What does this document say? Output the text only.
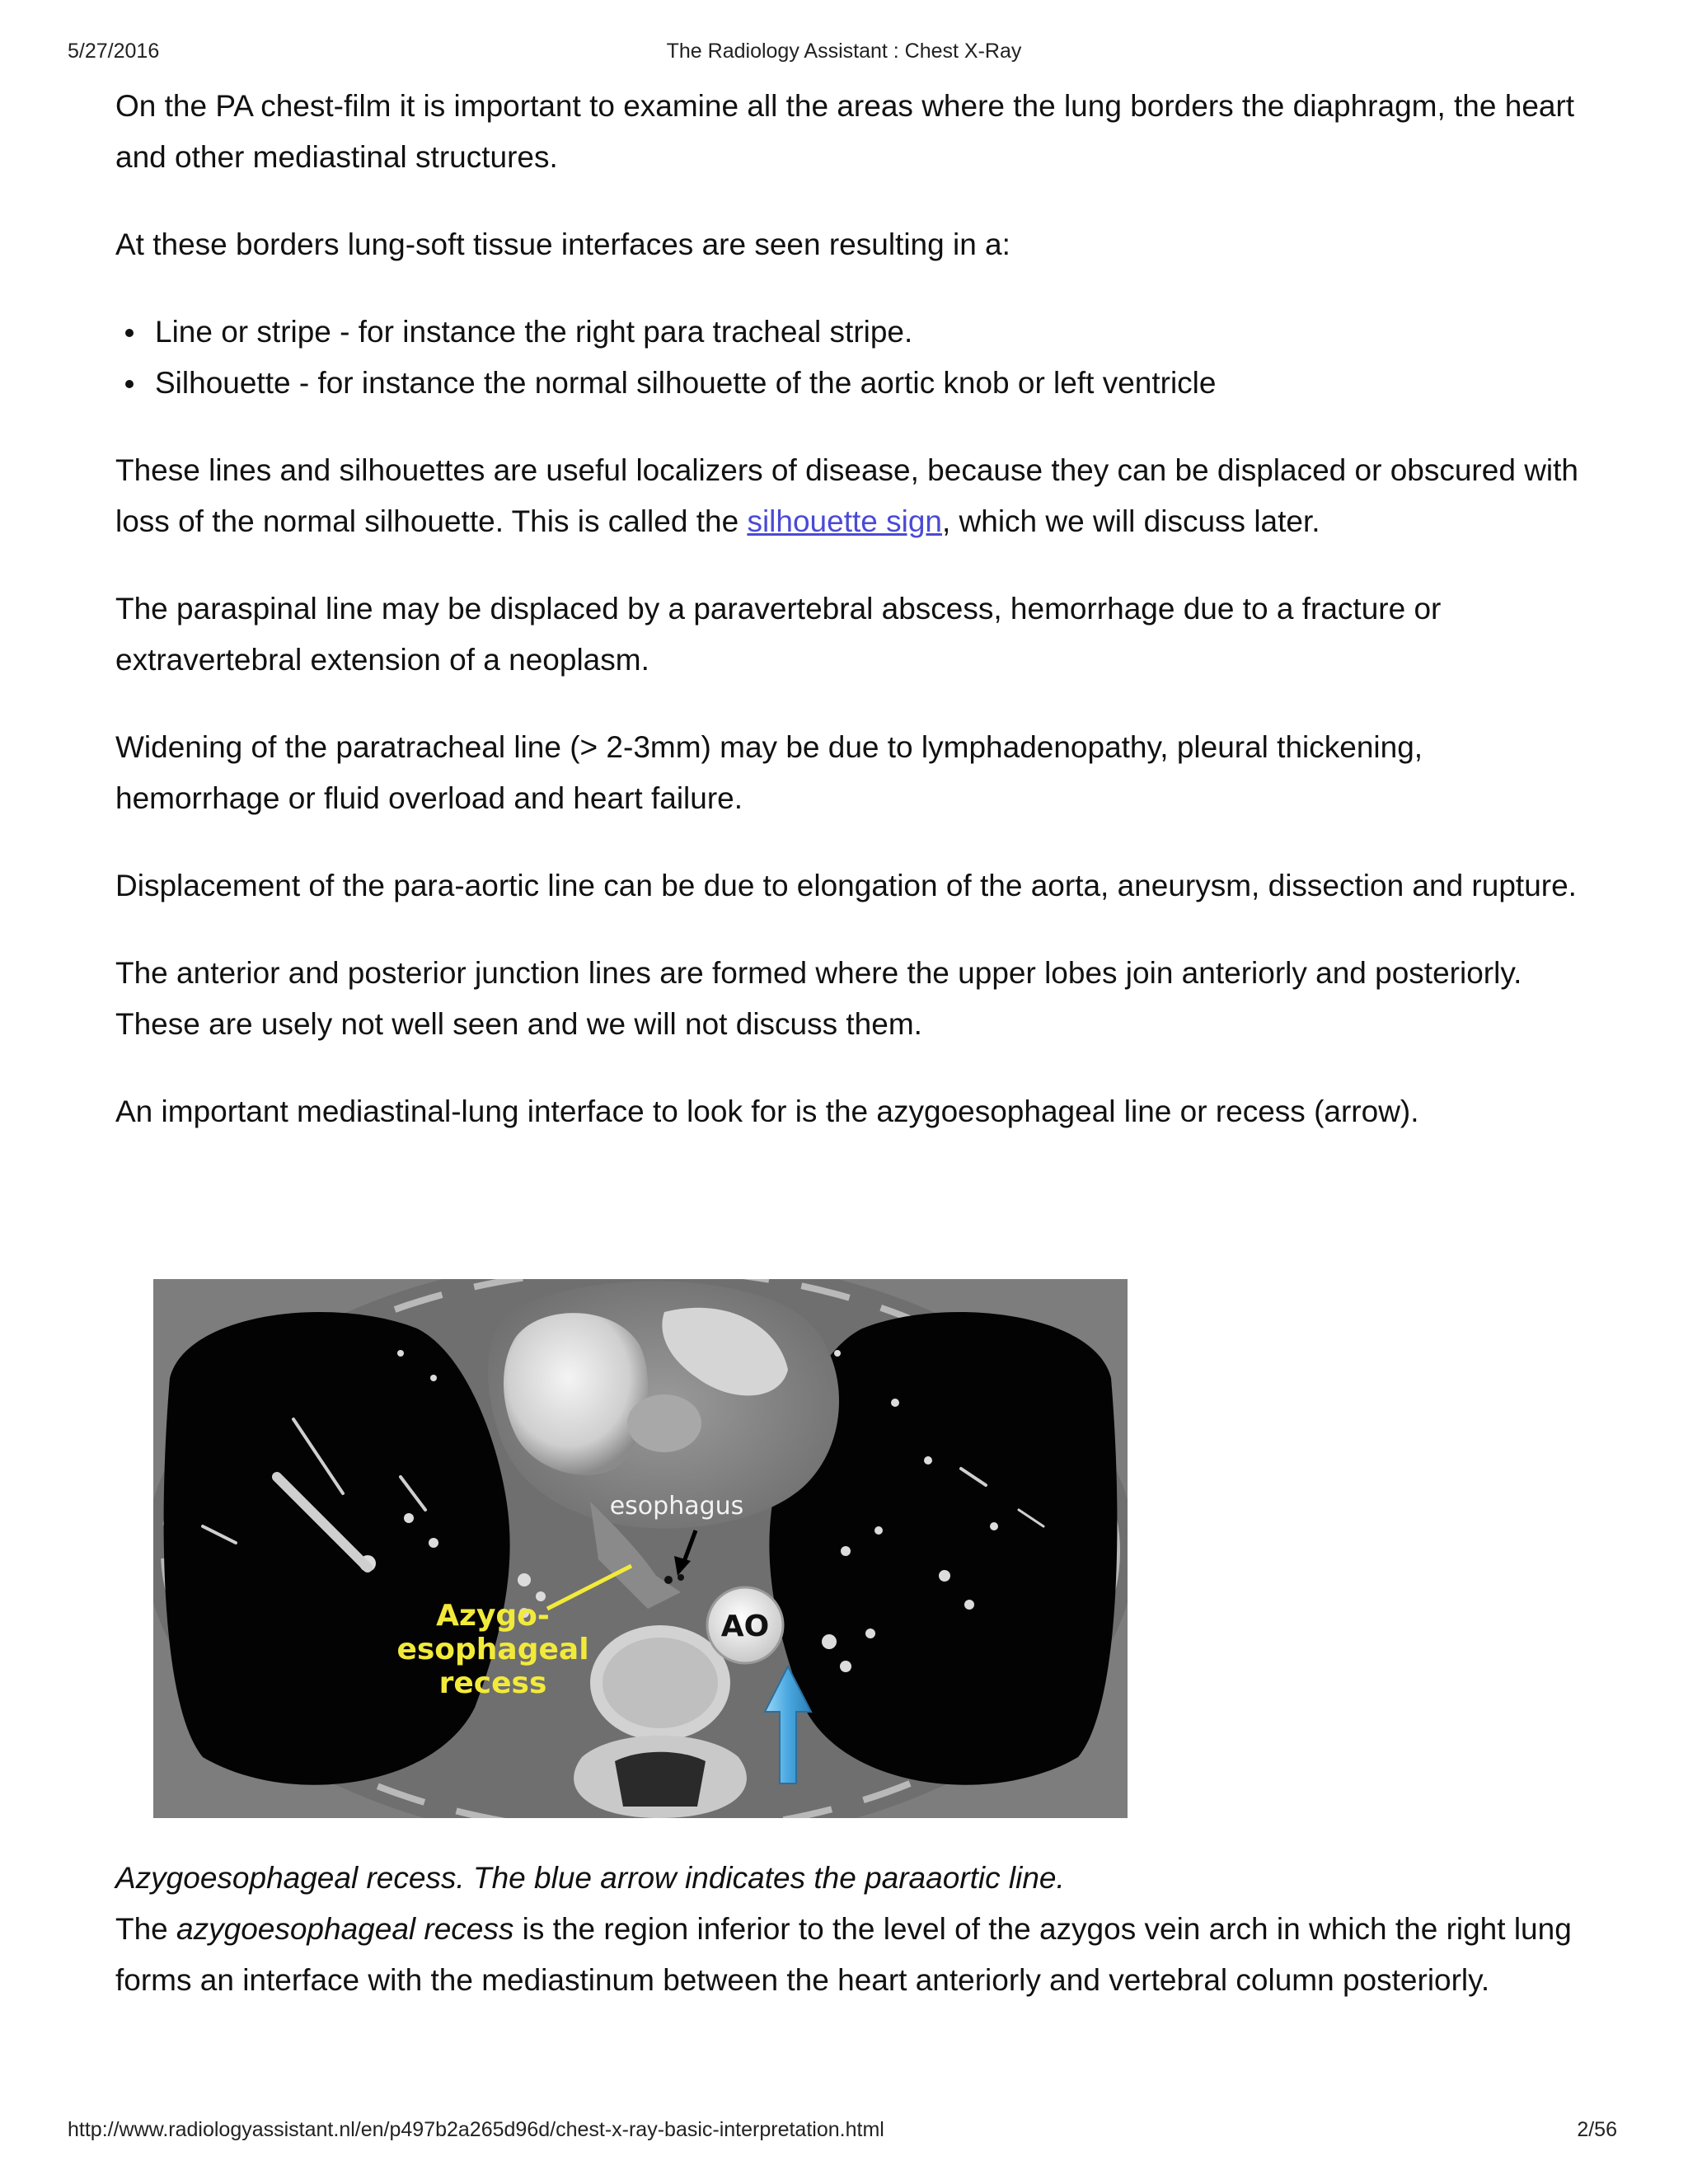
5/27/2016	The Radiology Assistant : Chest X-Ray

On the PA chest-film it is important to examine all the areas where the lung borders the diaphragm, the heart and other mediastinal structures.

At these borders lung-soft tissue interfaces are seen resulting in a:

Line or stripe - for instance the right para tracheal stripe.
Silhouette - for instance the normal silhouette of the aortic knob or left ventricle

These lines and silhouettes are useful localizers of disease, because they can be displaced or obscured with loss of the normal silhouette. This is called the silhouette sign, which we will discuss later.

The paraspinal line may be displaced by a paravertebral abscess, hemorrhage due to a fracture or extravertebral extension of a neoplasm.

Widening of the paratracheal line (> 2-3mm) may be due to lymphadenopathy, pleural thickening, hemorrhage or fluid overload and heart failure.

Displacement of the para-aortic line can be due to elongation of the aorta, aneurysm, dissection and rupture.

The anterior and posterior junction lines are formed where the upper lobes join anteriorly and posteriorly. These are usely not well seen and we will not discuss them.

An important mediastinal-lung interface to look for is the azygoesophageal line or recess (arrow).

esophagus
Azygo-
esophageal
recess
AO

Azygoesophageal recess. The blue arrow indicates the paraaortic line.

The azygoesophageal recess is the region inferior to the level of the azygos vein arch in which the right lung forms an interface with the mediastinum between the heart anteriorly and vertebral column posteriorly.

http://www.radiologyassistant.nl/en/p497b2a265d96d/chest-x-ray-basic-interpretation.html	2/56
